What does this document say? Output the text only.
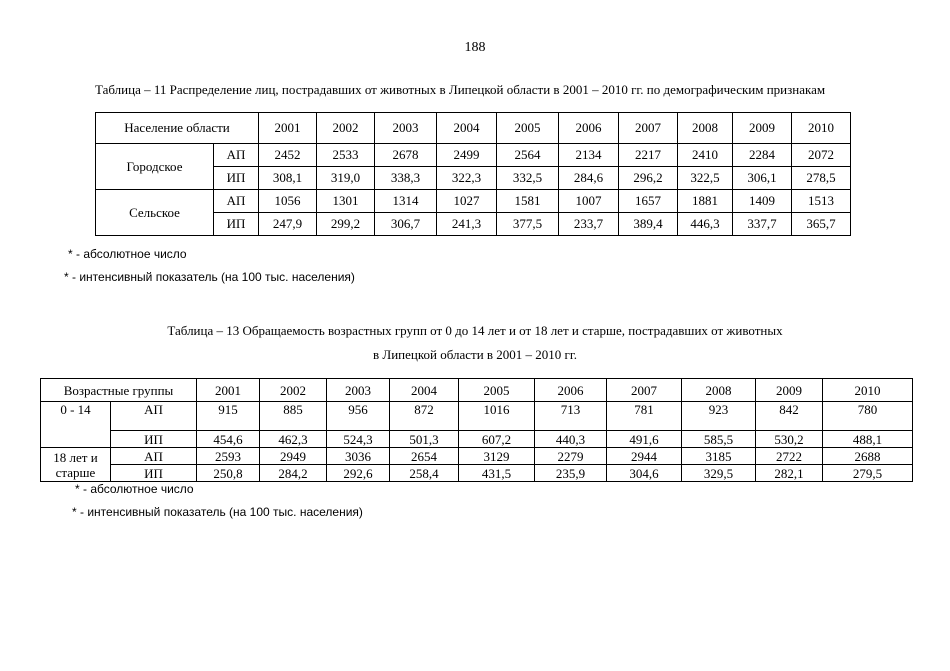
188
Таблица – 11 Распределение лиц, пострадавших от животных в Липецкой области в 2001 – 2010 гг. по демографическим признакам
Население области		2001	2002	2003	2004	2005	2006	2007	2008	2009	2010
Городское	АП	2452	2533	2678	2499	2564	2134	2217	2410	2284	2072
	ИП	308,1	319,0	338,3	322,3	332,5	284,6	296,2	322,5	306,1	278,5
Сельское	АП	1056	1301	1314	1027	1581	1007	1657	1881	1409	1513
	ИП	247,9	299,2	306,7	241,3	377,5	233,7	389,4	446,3	337,7	365,7
* - абсолютное число
* - интенсивный показатель (на 100 тыс. населения)
Таблица – 13 Обращаемость возрастных групп от 0 до 14 лет и от 18 лет и старше, пострадавших от животных
в Липецкой области в 2001 – 2010 гг.
Возрастные группы		2001	2002	2003	2004	2005	2006	2007	2008	2009	2010
0 - 14	АП	915	885	956	872	1016	713	781	923	842	780
	ИП	454,6	462,3	524,3	501,3	607,2	440,3	491,6	585,5	530,2	488,1

18 лет и
старше	АП	2593	2949	3036	2654	3129	2279	2944	3185	2722	2688
	ИП	250,8	284,2	292,6	258,4	431,5	235,9	304,6	329,5	282,1	279,5
* - абсолютное число
* - интенсивный показатель (на 100 тыс. населения)
